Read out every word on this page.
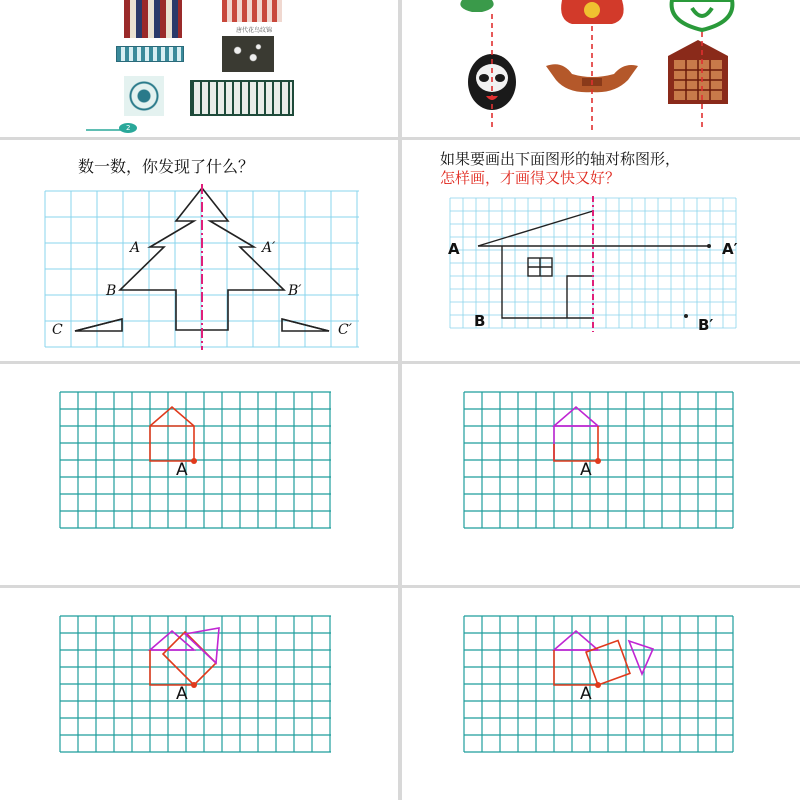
唐代花鸟纹锦
2
数一数，你发现了什么？
A	A′
B	B′
C	C′
如果要画出下面图形的轴对称图形，
怎样画，才画得又快又好？
A	A′
B	B′
A	A
A	A
